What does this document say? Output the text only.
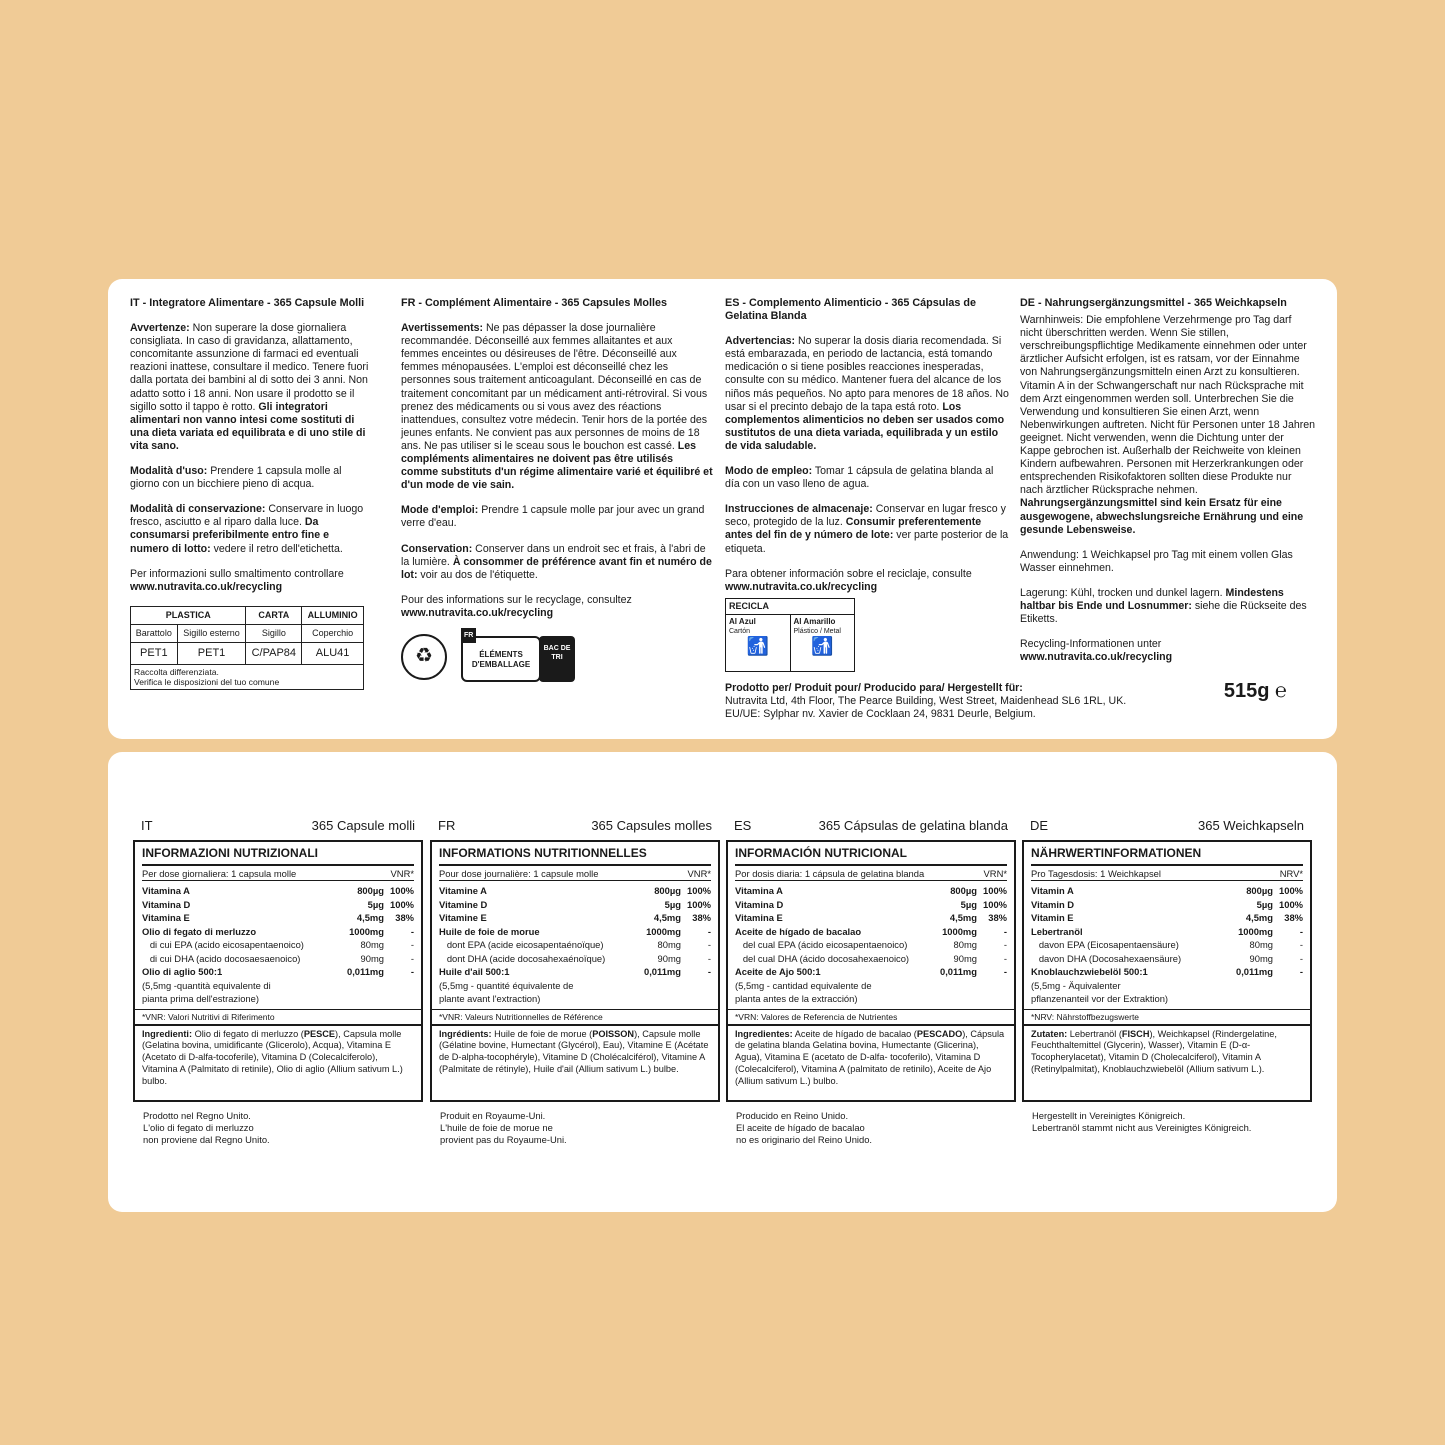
IT - Integratore Alimentare - 365 Capsule Molli

Avvertenze: Non superare la dose giornaliera consigliata. In caso di gravidanza, allattamento, concomitante assunzione di farmaci ed eventuali reazioni inattese, consultare il medico. Tenere fuori dalla portata dei bambini al di sotto dei 3 anni. Non adatto sotto i 18 anni. Non usare il prodotto se il sigillo sotto il tappo è rotto. Gli integratori alimentari non vanno intesi come sostituti di una dieta variata ed equilibrata e di uno stile di vita sano.

Modalità d'uso: Prendere 1 capsula molle al giorno con un bicchiere pieno di acqua.

Modalità di conservazione: Conservare in luogo fresco, asciutto e al riparo dalla luce. Da consumarsi preferibilmente entro fine e numero di lotto: vedere il retro dell'etichetta.

Per informazioni sullo smaltimento controllare www.nutravita.co.uk/recycling

PLASTICA		CARTA	ALLUMINIO
Barattolo	Sigillo esterno	Sigillo	Coperchio
PET1	PET1	C/PAP84	ALU41
Raccolta differenziata.
Verifica le disposizioni del tuo comune			
FR - Complément Alimentaire - 365 Capsules Molles

Avertissements: Ne pas dépasser la dose journalière recommandée. Déconseillé aux femmes allaitantes et aux femmes enceintes ou désireuses de l'être. Déconseillé aux femmes ménopausées. L'emploi est déconseillé chez les personnes sous traitement anticoagulant. Déconseillé en cas de traitement concomitant par un médicament anti-rétroviral. Si vous prenez des médicaments ou si vous avez des réactions inattendues, consultez votre médecin. Tenir hors de la portée des jeunes enfants. Ne convient pas aux personnes de moins de 18 ans. Ne pas utiliser si le sceau sous le bouchon est cassé. Les compléments alimentaires ne doivent pas être utilisés comme substituts d'un régime alimentaire varié et équilibré et d'un mode de vie sain.

Mode d'emploi: Prendre 1 capsule molle par jour avec un grand verre d'eau.

Conservation: Conserver dans un endroit sec et frais, à l'abri de la lumière. À consommer de préférence avant fin et numéro de lot: voir au dos de l'étiquette.

Pour des informations sur le recyclage, consultez
www.nutravita.co.uk/recycling

♻	ÉLÉMENTS D'EMBALLAGE
FR
BAC DE TRI
ES - Complemento Alimenticio - 365 Cápsulas de Gelatina Blanda

Advertencias: No superar la dosis diaria recomendada. Si está embarazada, en periodo de lactancia, está tomando medicación o si tiene posibles reacciones inesperadas, consulte con su médico. Mantener fuera del alcance de los niños más pequeños. No apto para menores de 18 años. No usar si el precinto debajo de la tapa está roto. Los complementos alimenticios no deben ser usados como sustitutos de una dieta variada, equilibrada y un estilo de vida saludable.

Modo de empleo: Tomar 1 cápsula de gelatina blanda al día con un vaso lleno de agua.

Instrucciones de almacenaje: Conservar en lugar fresco y seco, protegido de la luz. Consumir preferentemente antes del fin de y número de lote: ver parte posterior de la etiqueta.

Para obtener información sobre el reciclaje, consulte
www.nutravita.co.uk/recycling

RECICLA
Al Azul
Cartón
🚮
Al Amarillo
Plástico / Metal
🚮
Prodotto per/ Produit pour/ Producido para/ Hergestellt für:
Nutravita Ltd, 4th Floor, The Pearce Building, West Street, Maidenhead SL6 1RL, UK.
EU/UE: Sylphar nv. Xavier de Cocklaan 24, 9831 Deurle, Belgium.
DE - Nahrungsergänzungsmittel - 365 Weichkapseln

Warnhinweis: Die empfohlene Verzehrmenge pro Tag darf nicht überschritten werden. Wenn Sie stillen, verschreibungspflichtige Medikamente einnehmen oder unter ärztlicher Aufsicht erfolgen, ist es ratsam, vor der Einnahme von Nahrungsergänzungsmitteln einen Arzt zu konsultieren. Vitamin A in der Schwangerschaft nur nach Rücksprache mit dem Arzt eingenommen werden soll. Unterbrechen Sie die Verwendung und konsultieren Sie einen Arzt, wenn Nebenwirkungen auftreten. Nicht für Personen unter 18 Jahren geeignet. Nicht verwenden, wenn die Dichtung unter der Kappe gebrochen ist. Außerhalb der Reichweite von kleinen Kindern aufbewahren. Personen mit Herzerkrankungen oder entsprechenden Risikofaktoren sollten diese Produkte nur nach ärztlicher Rücksprache nehmen. Nahrungsergänzungsmittel sind kein Ersatz für eine ausgewogene, abwechslungsreiche Ernährung und eine gesunde Lebensweise.

Anwendung: 1 Weichkapsel pro Tag mit einem vollen Glas Wasser einnehmen.

Lagerung: Kühl, trocken und dunkel lagern. Mindestens haltbar bis Ende und Losnummer: siehe die Rückseite des Etiketts.

Recycling-Informationen unter
www.nutravita.co.uk/recycling

515g ℮
IT	365 Capsule molli
INFORMAZIONI NUTRIZIONALI
Per dose giornaliera: 1 capsula molle	VNR*
Vitamina A	800µg 100%
Vitamina D	5µg 100%
Vitamina E	4,5mg	38%
Olio di fegato di merluzzo	1000mg	-
di cui EPA (acido eicosapentaenoico)	80mg	-
di cui DHA (acido docosaesaenoico)	90mg	-
Olio di aglio 500:1	0,011mg	-
(5,5mg -quantità equivalente di
pianta prima dell'estrazione)
*VNR: Valori Nutritivi di Riferimento
Ingredienti: Olio di fegato di merluzzo (PESCE), Capsula molle (Gelatina bovina, umidificante (Glicerolo), Acqua), Vitamina E (Acetato di D-alfa-tocoferile), Vitamina D (Colecalciferolo), Vitamina A (Palmitato di retinile), Olio di aglio (Allium sativum L.) bulbo.
Prodotto nel Regno Unito.
L'olio di fegato di merluzzo
non proviene dal Regno Unito.
FR	365 Capsules molles
INFORMATIONS NUTRITIONNELLES
Pour dose journalière: 1 capsule molle	VNR*
Vitamine A	800µg 100%
Vitamine D	5µg 100%
Vitamine E	4,5mg	38%
Huile de foie de morue	1000mg	-
dont EPA (acide eicosapentaénoïque)	80mg	-
dont DHA (acide docosahexaénoïque)	90mg	-
Huile d'ail 500:1	0,011mg	-
(5,5mg - quantité équivalente de
plante avant l'extraction)
*VNR: Valeurs Nutritionnelles de Référence
Ingrédients: Huile de foie de morue (POISSON), Capsule molle (Gélatine bovine, Humectant (Glycérol), Eau), Vitamine E (Acétate de D-alpha-tocophéryle), Vitamine D (Cholécalciférol), Vitamine A (Palmitate de rétinyle), Huile d'ail (Allium sativum L.) bulbe.
Produit en Royaume-Uni.
L'huile de foie de morue ne
provient pas du Royaume-Uni.
ES	365 Cápsulas de gelatina blanda
INFORMACIÓN NUTRICIONAL
Por dosis diaria: 1 cápsula de gelatina blanda	VRN*
Vitamina A	800µg 100%
Vitamina D	5µg 100%
Vitamina E	4,5mg	38%
Aceite de hígado de bacalao	1000mg	-
del cual EPA (ácido eicosapentaenoico)	80mg	-
del cual DHA (ácido docosahexaenoico)	90mg	-
Aceite de Ajo 500:1	0,011mg	-
(5,5mg - cantidad equivalente de
planta antes de la extracción)
*VRN: Valores de Referencia de Nutrientes
Ingredientes: Aceite de hígado de bacalao (PESCADO), Cápsula de gelatina blanda Gelatina bovina, Humectante (Glicerina), Agua), Vitamina E (acetato de D-alfa- tocoferilo), Vitamina D (Colecalciferol), Vitamina A (palmitato de retinilo), Aceite de Ajo (Allium sativum L.) bulbo.
Producido en Reino Unido.
El aceite de hígado de bacalao
no es originario del Reino Unido.
DE	365 Weichkapseln
NÄHRWERTINFORMATIONEN
Pro Tagesdosis: 1 Weichkapsel	NRV*
Vitamin A	800µg 100%
Vitamin D	5µg 100%
Vitamin E	4,5mg	38%
Lebertranöl	1000mg	-
davon EPA (Eicosapentaensäure)	80mg	-
davon DHA (Docosahexaensäure)	90mg	-
Knoblauchzwiebelöl 500:1	0,011mg	-
(5,5mg - Äquivalenter
pflanzenanteil vor der Extraktion)
*NRV: Nährstoffbezugswerte
Zutaten: Lebertranöl (FISCH), Weichkapsel (Rindergelatine, Feuchthaltemittel (Glycerin), Wasser), Vitamin E (D-α-Tocopherylacetat), Vitamin D (Cholecalciferol), Vitamin A (Retinylpalmitat), Knoblauchzwiebelöl (Allium sativum L.).
Hergestellt in Vereinigtes Königreich.
Lebertranöl stammt nicht aus Vereinigtes Königreich.
